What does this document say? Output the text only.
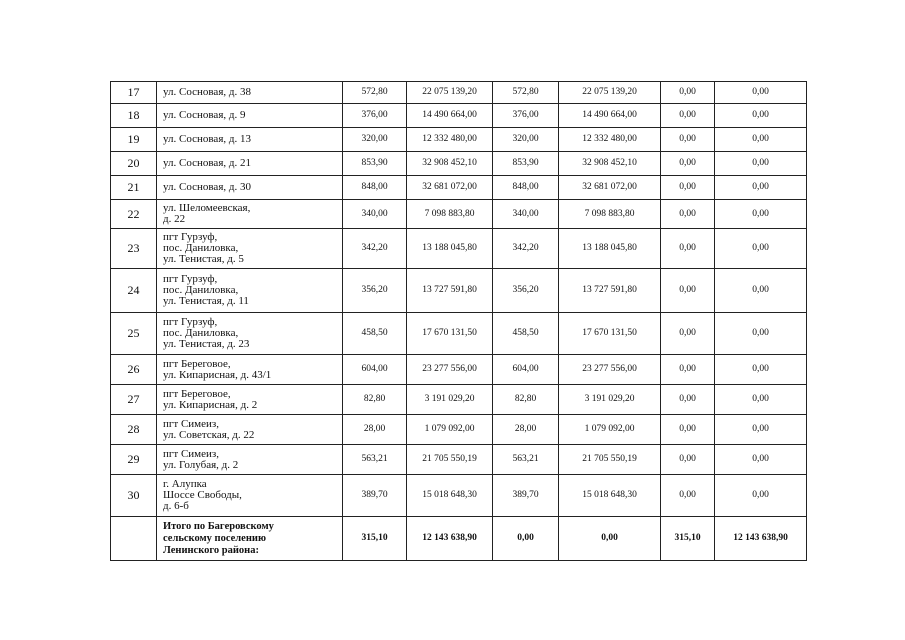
17	ул. Сосновая, д. 38	572,80	22 075 139,20	572,80	22 075 139,20	0,00	0,00
18	ул. Сосновая, д. 9	376,00	14 490 664,00	376,00	14 490 664,00	0,00	0,00
19	ул. Сосновая, д. 13	320,00	12 332 480,00	320,00	12 332 480,00	0,00	0,00
20	ул. Сосновая, д. 21	853,90	32 908 452,10	853,90	32 908 452,10	0,00	0,00
21	ул. Сосновая, д. 30	848,00	32 681 072,00	848,00	32 681 072,00	0,00	0,00
22	ул. Шеломеевская,
д. 22	340,00	7 098 883,80	340,00	7 098 883,80	0,00	0,00
23	пгт Гурзуф,
пос. Даниловка,
ул. Тенистая, д. 5	342,20	13 188 045,80	342,20	13 188 045,80	0,00	0,00
24	пгт Гурзуф,
пос. Даниловка,
ул. Тенистая, д. 11	356,20	13 727 591,80	356,20	13 727 591,80	0,00	0,00
25	пгт Гурзуф,
пос. Даниловка,
ул. Тенистая, д. 23	458,50	17 670 131,50	458,50	17 670 131,50	0,00	0,00
26	пгт Береговое,
ул. Кипарисная, д. 43/1	604,00	23 277 556,00	604,00	23 277 556,00	0,00	0,00
27	пгт Береговое,
ул. Кипарисная, д. 2	82,80	3 191 029,20	82,80	3 191 029,20	0,00	0,00
28	пгт Симеиз,
ул. Советская, д. 22	28,00	1 079 092,00	28,00	1 079 092,00	0,00	0,00
29	пгт Симеиз,
ул. Голубая, д. 2	563,21	21 705 550,19	563,21	21 705 550,19	0,00	0,00
30	г. Алупка
Шоссе Свободы,
д. 6-б	389,70	15 018 648,30	389,70	15 018 648,30	0,00	0,00

	Итого по Багеровскому
сельскому поселению
Ленинского района:	315,10	12 143 638,90	0,00	0,00	315,10	12 143 638,90
